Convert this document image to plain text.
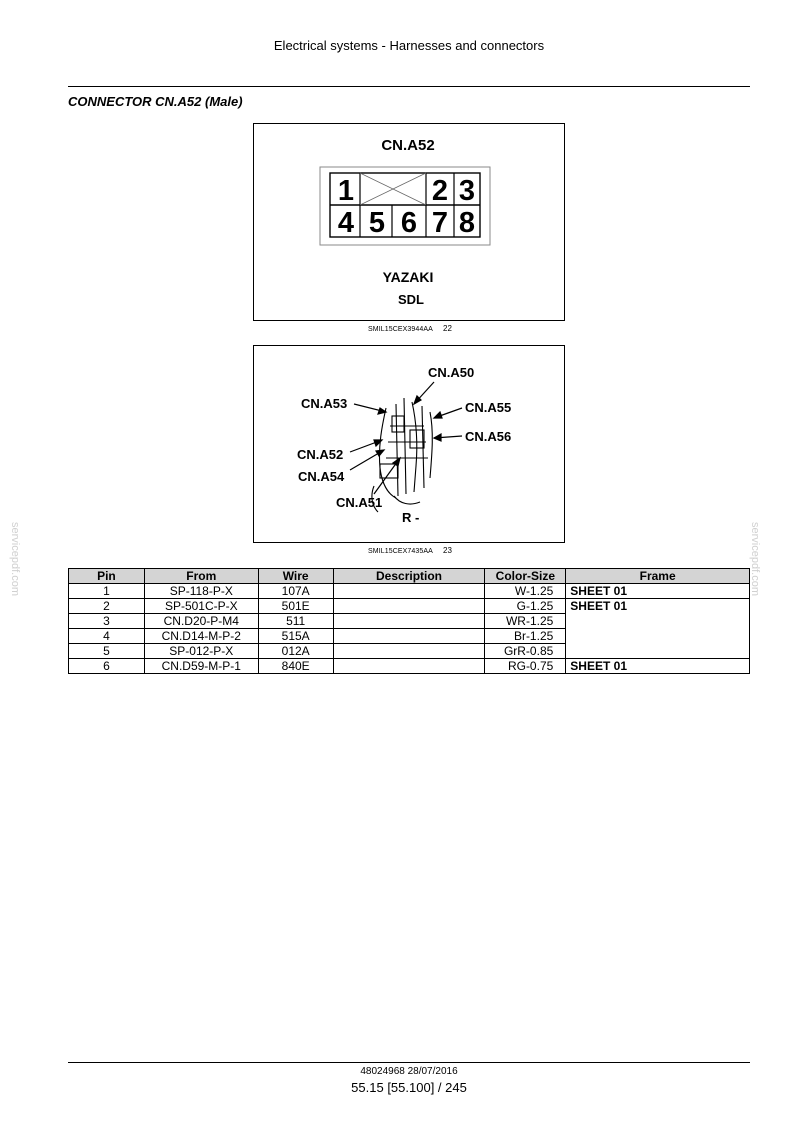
Electrical systems - Harnesses and connectors
CONNECTOR CN.A52 (Male)
CN.A52
1	2 3
4 5 6 7 8
YAZAKI
SDL
SMIL15CEX3944AA 22
CN.A50
CN.A53	CN.A55
CN.A56
CN.A52
CN.A54
CN.A51
R -
SMIL15CEX7435AA 23
Pin	From	Wire	Description	Color-Size	Frame
1	SP-118-P-X	107A		W-1.25	SHEET 01
2	SP-501C-P-X	501E		G-1.25	SHEET 01
3	CN.D20-P-M4	511		WR-1.25	
4	CN.D14-M-P-2	515A		Br-1.25	
5	SP-012-P-X	012A		GrR-0.85	
6	CN.D59-M-P-1	840E		RG-0.75	SHEET 01
servicepdf.com	servicepdf.com
48024968 28/07/2016
55.15 [55.100] / 245
